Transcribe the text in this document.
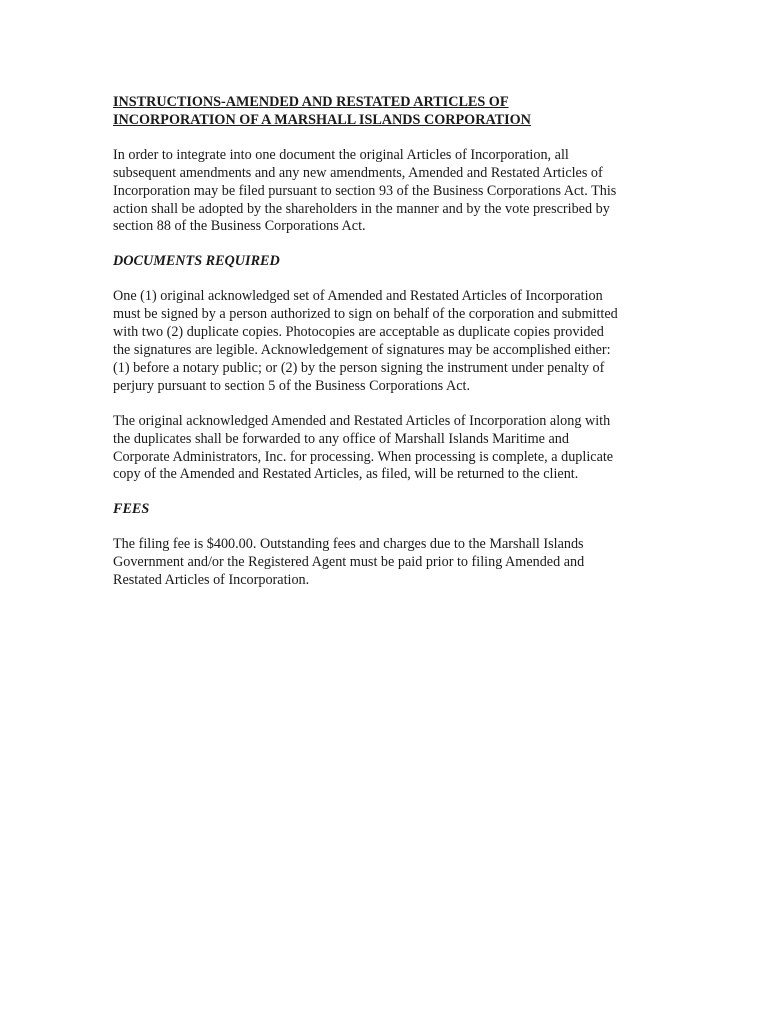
INSTRUCTIONS-AMENDED AND RESTATED ARTICLES OF
INCORPORATION OF A MARSHALL ISLANDS CORPORATION
In order to integrate into one document the original Articles of Incorporation, all
subsequent amendments and any new amendments, Amended and Restated Articles of
Incorporation may be filed pursuant to section 93 of the Business Corporations Act. This
action shall be adopted by the shareholders in the manner and by the vote prescribed by
section 88 of the Business Corporations Act.
DOCUMENTS REQUIRED
One (1) original acknowledged set of Amended and Restated Articles of Incorporation
must be signed by a person authorized to sign on behalf of the corporation and submitted
with two (2) duplicate copies. Photocopies are acceptable as duplicate copies provided
the signatures are legible. Acknowledgement of signatures may be accomplished either:
(1) before a notary public; or (2) by the person signing the instrument under penalty of
perjury pursuant to section 5 of the Business Corporations Act.
The original acknowledged Amended and Restated Articles of Incorporation along with
the duplicates shall be forwarded to any office of Marshall Islands Maritime and
Corporate Administrators, Inc. for processing. When processing is complete, a duplicate
copy of the Amended and Restated Articles, as filed, will be returned to the client.
FEES
The filing fee is $400.00. Outstanding fees and charges due to the Marshall Islands
Government and/or the Registered Agent must be paid prior to filing Amended and
Restated Articles of Incorporation.
